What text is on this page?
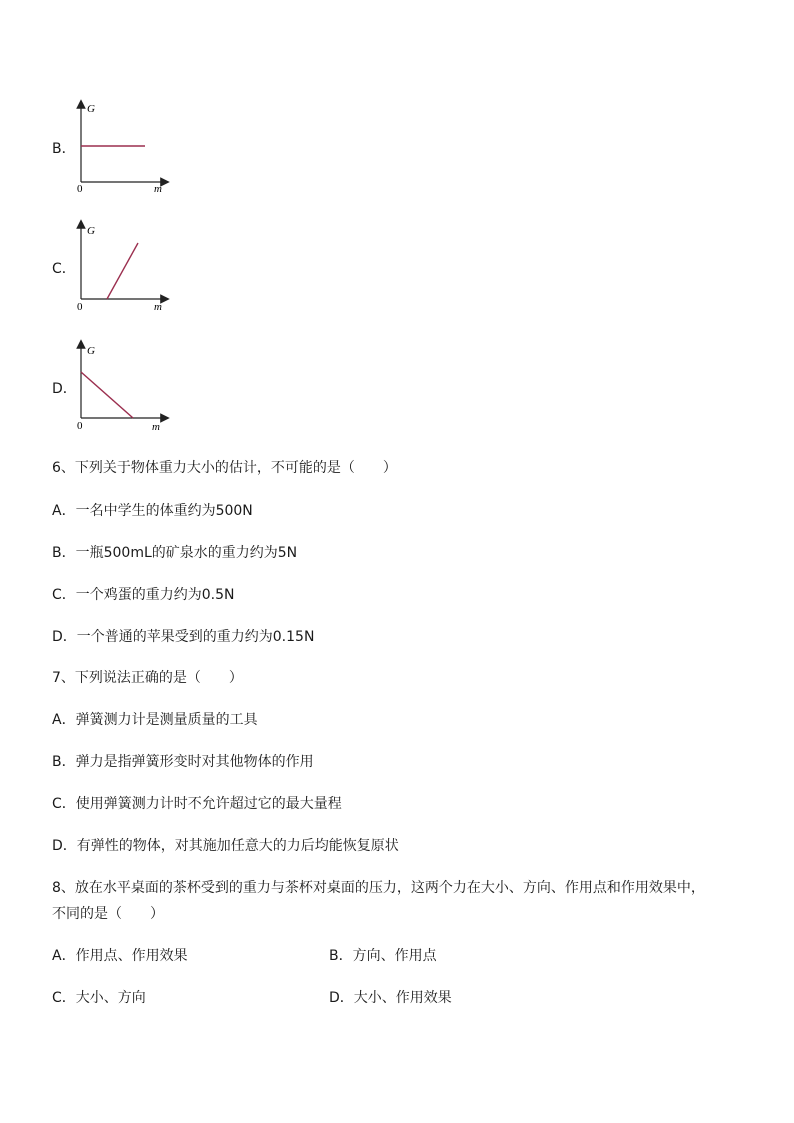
B．
G
m
0
C．
G
m
0
D．
G
m
0
6、下列关于物体重力大小的估计，不可能的是（　　）
A．一名中学生的体重约为500N
B．一瓶500mL的矿泉水的重力约为5N
C．一个鸡蛋的重力约为0.5N
D．一个普通的苹果受到的重力约为0.15N
7、下列说法正确的是（　　）
A．弹簧测力计是测量质量的工具
B．弹力是指弹簧形变时对其他物体的作用
C．使用弹簧测力计时不允许超过它的最大量程
D．有弹性的物体，对其施加任意大的力后均能恢复原状
8、放在水平桌面的茶杯受到的重力与茶杯对桌面的压力，这两个力在大小、方向、作用点和作用效果中，
不同的是（　　）
A．作用点、作用效果	B．方向、作用点
C．大小、方向	D．大小、作用效果
